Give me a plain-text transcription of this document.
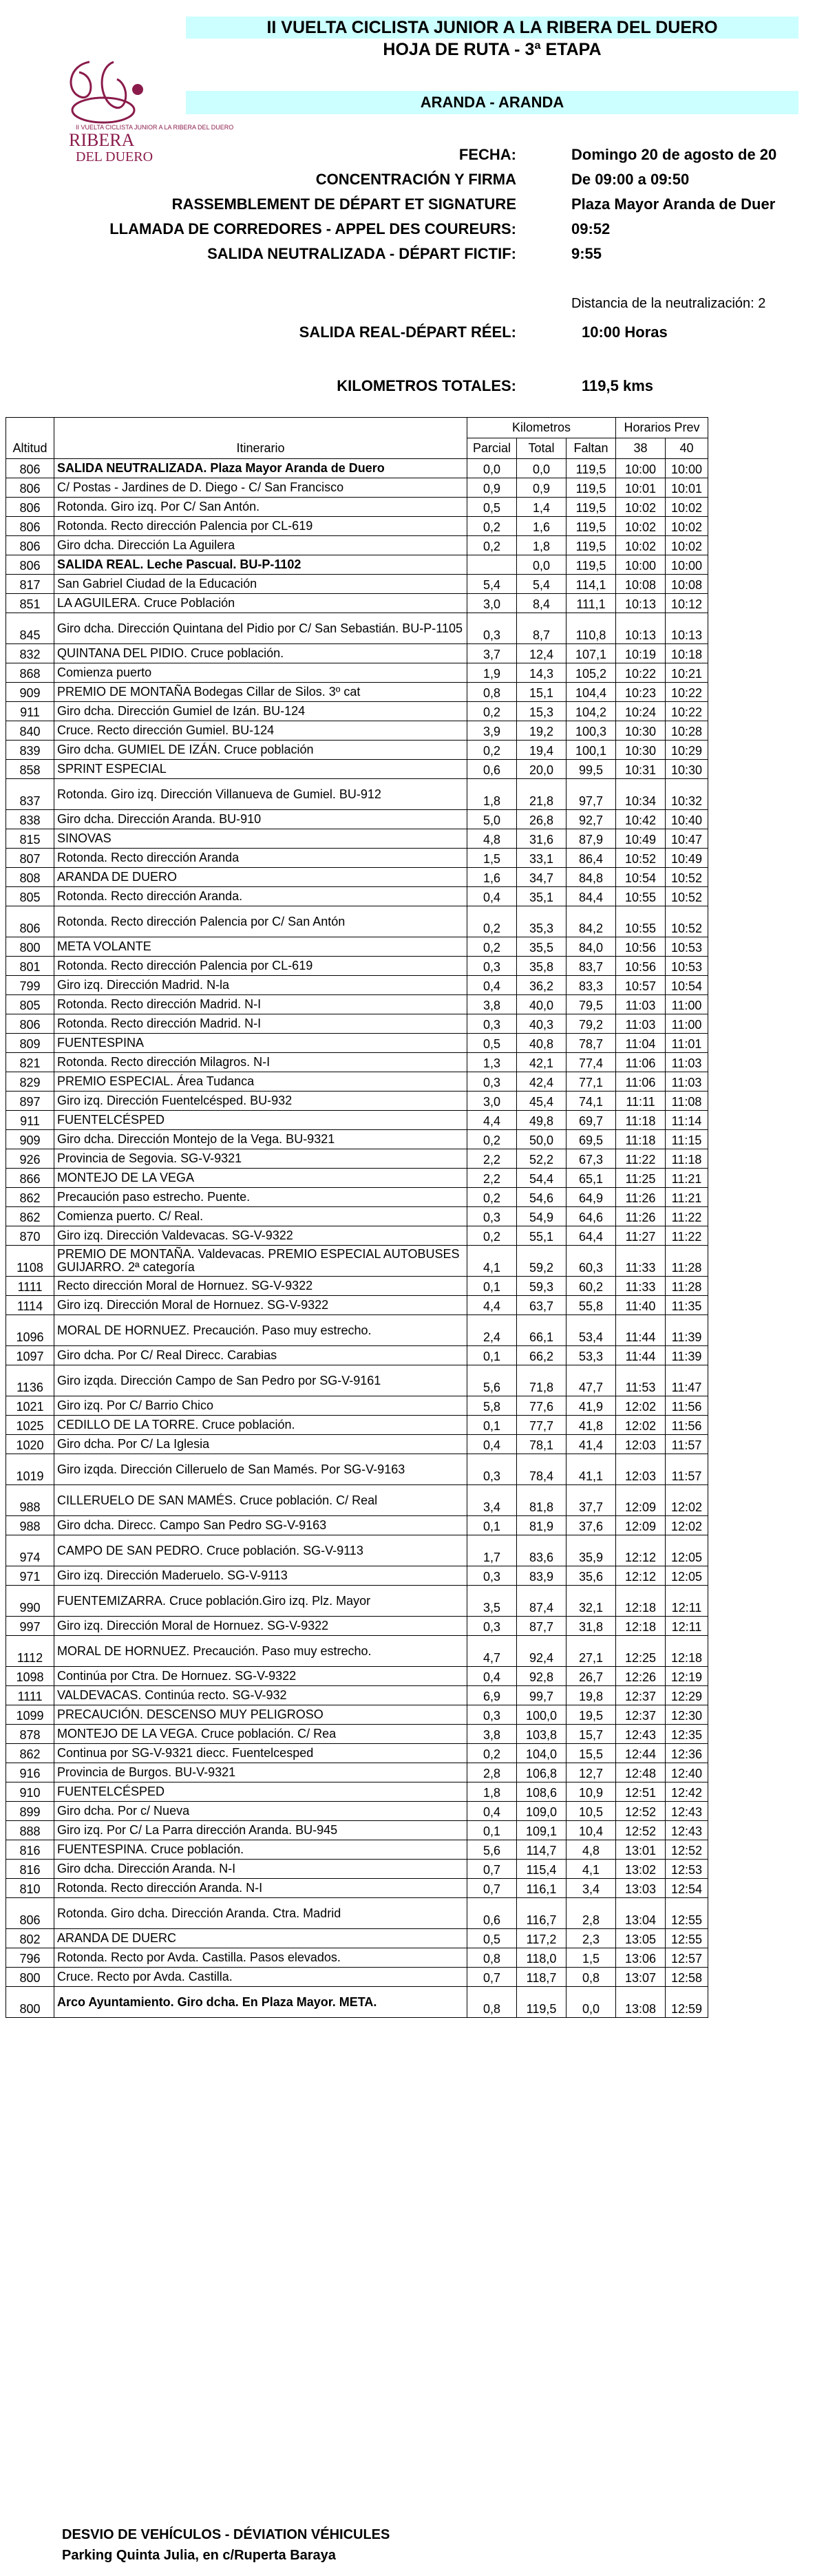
II VUELTA CICLISTA JUNIOR A LA RIBERA DEL DUERO
HOJA DE RUTA - 3ª ETAPA
ARANDA - ARANDA
II VUELTA CICLISTA JUNIOR A LA RIBERA DEL DUERO
RIBERA
DEL DUERO	FECHA:	Domingo 20 de agosto de 20
CONCENTRACIÓN Y FIRMA	De 09:00 a 09:50
RASSEMBLEMENT DE DÉPART ET SIGNATURE	Plaza Mayor Aranda de Duer
LLAMADA DE CORREDORES - APPEL DES COUREURS:	09:52
SALIDA NEUTRALIZADA - DÉPART FICTIF:	9:55
Distancia de la neutralización: 2
SALIDA REAL-DÉPART RÉEL:	10:00 Horas
KILOMETROS TOTALES:	119,5 kms
		Kilometros			Horarios Prev	
Altitud	Itinerario	Parcial	Total	Faltan	38	40
806	SALIDA NEUTRALIZADA. Plaza Mayor Aranda de Duero	0,0	0,0	119,5	10:00	10:00
806	C/ Postas - Jardines de D. Diego - C/ San Francisco	0,9	0,9	119,5	10:01	10:01
806	Rotonda. Giro izq. Por C/ San Antón.	0,5	1,4	119,5	10:02	10:02
806	Rotonda. Recto dirección Palencia por CL-619	0,2	1,6	119,5	10:02	10:02
806	Giro dcha. Dirección La Aguilera	0,2	1,8	119,5	10:02	10:02
806	SALIDA REAL. Leche Pascual. BU-P-1102		0,0	119,5	10:00	10:00
817	San Gabriel Ciudad de la Educación	5,4	5,4	114,1	10:08	10:08
851	LA AGUILERA. Cruce Población	3,0	8,4	111,1	10:13	10:12
845	Giro dcha. Dirección Quintana del Pidio por C/ San Sebastián. BU-P-1105	0,3	8,7	110,8	10:13	10:13
832	QUINTANA DEL PIDIO. Cruce población.	3,7	12,4	107,1	10:19	10:18
868	Comienza puerto	1,9	14,3	105,2	10:22	10:21
909	PREMIO DE MONTAÑA Bodegas Cillar de Silos. 3º cat	0,8	15,1	104,4	10:23	10:22
911	Giro dcha. Dirección Gumiel de Izán. BU-124	0,2	15,3	104,2	10:24	10:22
840	Cruce. Recto dirección Gumiel. BU-124	3,9	19,2	100,3	10:30	10:28
839	Giro dcha. GUMIEL DE IZÁN. Cruce población	0,2	19,4	100,1	10:30	10:29
858	SPRINT ESPECIAL	0,6	20,0	99,5	10:31	10:30
837	Rotonda. Giro izq. Dirección Villanueva de Gumiel. BU-912	1,8	21,8	97,7	10:34	10:32
838	Giro dcha. Dirección Aranda. BU-910	5,0	26,8	92,7	10:42	10:40
815	SINOVAS	4,8	31,6	87,9	10:49	10:47
807	Rotonda. Recto dirección Aranda	1,5	33,1	86,4	10:52	10:49
808	ARANDA DE DUERO	1,6	34,7	84,8	10:54	10:52
805	Rotonda. Recto dirección Aranda.	0,4	35,1	84,4	10:55	10:52
806	Rotonda. Recto dirección Palencia por C/ San Antón	0,2	35,3	84,2	10:55	10:52
800	META VOLANTE	0,2	35,5	84,0	10:56	10:53
801	Rotonda. Recto dirección Palencia por CL-619	0,3	35,8	83,7	10:56	10:53
799	Giro izq. Dirección Madrid. N-la	0,4	36,2	83,3	10:57	10:54
805	Rotonda. Recto dirección Madrid. N-I	3,8	40,0	79,5	11:03	11:00
806	Rotonda. Recto dirección Madrid. N-I	0,3	40,3	79,2	11:03	11:00
809	FUENTESPINA	0,5	40,8	78,7	11:04	11:01
821	Rotonda. Recto dirección Milagros. N-I	1,3	42,1	77,4	11:06	11:03
829	PREMIO ESPECIAL. Área Tudanca	0,3	42,4	77,1	11:06	11:03
897	Giro izq. Dirección Fuentelcésped. BU-932	3,0	45,4	74,1	11:11	11:08
911	FUENTELCÉSPED	4,4	49,8	69,7	11:18	11:14
909	Giro dcha. Dirección Montejo de la Vega. BU-9321	0,2	50,0	69,5	11:18	11:15
926	Provincia de Segovia. SG-V-9321	2,2	52,2	67,3	11:22	11:18
866	MONTEJO DE LA VEGA	2,2	54,4	65,1	11:25	11:21
862	Precaución paso estrecho. Puente.	0,2	54,6	64,9	11:26	11:21
862	Comienza puerto. C/ Real.	0,3	54,9	64,6	11:26	11:22
870	Giro izq. Dirección Valdevacas. SG-V-9322	0,2	55,1	64,4	11:27	11:22
1108	PREMIO DE MONTAÑA. Valdevacas. PREMIO ESPECIAL AUTOBUSES GUIJARRO. 2ª categoría	4,1	59,2	60,3	11:33	11:28
1111	Recto dirección Moral de Hornuez. SG-V-9322	0,1	59,3	60,2	11:33	11:28
1114	Giro izq. Dirección Moral de Hornuez. SG-V-9322	4,4	63,7	55,8	11:40	11:35
1096	MORAL DE HORNUEZ. Precaución. Paso muy estrecho.	2,4	66,1	53,4	11:44	11:39
1097	Giro dcha. Por C/ Real Direcc. Carabias	0,1	66,2	53,3	11:44	11:39
1136	Giro izqda. Dirección Campo de San Pedro por SG-V-9161	5,6	71,8	47,7	11:53	11:47
1021	Giro izq. Por C/ Barrio Chico	5,8	77,6	41,9	12:02	11:56
1025	CEDILLO DE LA TORRE. Cruce población.	0,1	77,7	41,8	12:02	11:56
1020	Giro dcha. Por C/ La Iglesia	0,4	78,1	41,4	12:03	11:57
1019	Giro izqda. Dirección Cilleruelo de San Mamés. Por SG-V-9163	0,3	78,4	41,1	12:03	11:57
988	CILLERUELO DE SAN MAMÉS. Cruce población. C/ Real	3,4	81,8	37,7	12:09	12:02
988	Giro dcha. Direcc. Campo San Pedro SG-V-9163	0,1	81,9	37,6	12:09	12:02
974	CAMPO DE SAN PEDRO. Cruce población. SG-V-9113	1,7	83,6	35,9	12:12	12:05
971	Giro izq. Dirección Maderuelo. SG-V-9113	0,3	83,9	35,6	12:12	12:05
990	FUENTEMIZARRA. Cruce población.Giro izq. Plz. Mayor	3,5	87,4	32,1	12:18	12:11
997	Giro izq. Dirección Moral de Hornuez. SG-V-9322	0,3	87,7	31,8	12:18	12:11
1112	MORAL DE HORNUEZ. Precaución. Paso muy estrecho.	4,7	92,4	27,1	12:25	12:18
1098	Continúa por Ctra. De Hornuez. SG-V-9322	0,4	92,8	26,7	12:26	12:19
1111	VALDEVACAS. Continúa recto. SG-V-932	6,9	99,7	19,8	12:37	12:29
1099	PRECAUCIÓN. DESCENSO MUY PELIGROSO	0,3	100,0	19,5	12:37	12:30
878	MONTEJO DE LA VEGA. Cruce población. C/ Rea	3,8	103,8	15,7	12:43	12:35
862	Continua por SG-V-9321 diecc. Fuentelcesped	0,2	104,0	15,5	12:44	12:36
916	Provincia de Burgos. BU-V-9321	2,8	106,8	12,7	12:48	12:40
910	FUENTELCÉSPED	1,8	108,6	10,9	12:51	12:42
899	Giro dcha. Por c/ Nueva	0,4	109,0	10,5	12:52	12:43
888	Giro izq. Por C/ La Parra dirección Aranda. BU-945	0,1	109,1	10,4	12:52	12:43
816	FUENTESPINA. Cruce población.	5,6	114,7	4,8	13:01	12:52
816	Giro dcha. Dirección Aranda. N-I	0,7	115,4	4,1	13:02	12:53
810	Rotonda. Recto dirección Aranda. N-I	0,7	116,1	3,4	13:03	12:54
806	Rotonda. Giro dcha. Dirección Aranda. Ctra. Madrid	0,6	116,7	2,8	13:04	12:55
802	ARANDA DE DUERC	0,5	117,2	2,3	13:05	12:55
796	Rotonda. Recto por Avda. Castilla. Pasos elevados.	0,8	118,0	1,5	13:06	12:57
800	Cruce. Recto por Avda. Castilla.	0,7	118,7	0,8	13:07	12:58
800	Arco Ayuntamiento. Giro dcha. En Plaza Mayor. META.	0,8	119,5	0,0	13:08	12:59
DESVIO DE VEHÍCULOS - DÉVIATION VÉHICULES
Parking Quinta Julia, en c/Ruperta Baraya
